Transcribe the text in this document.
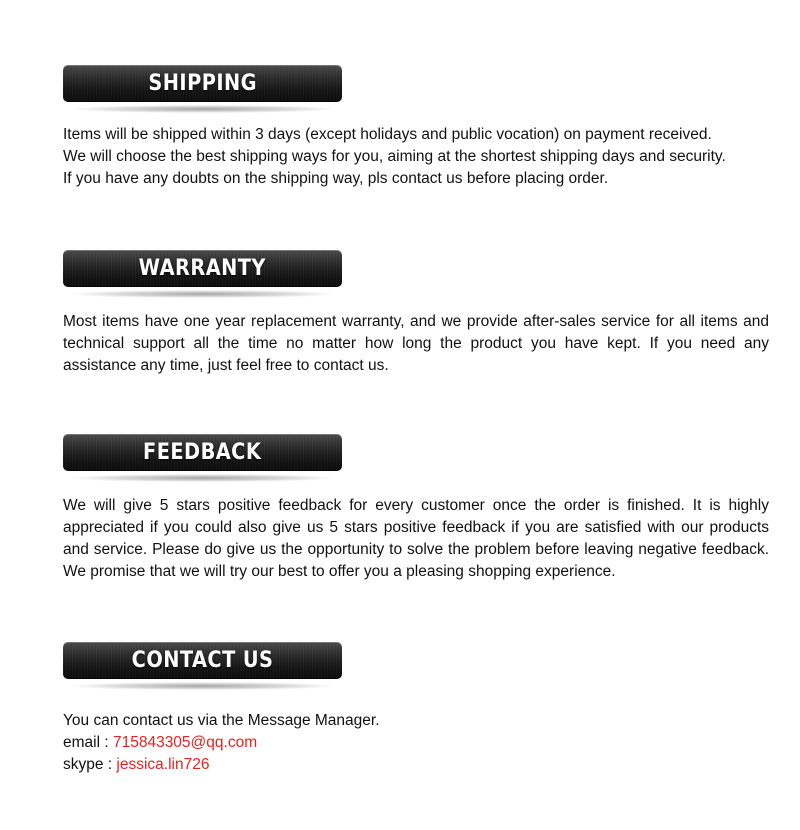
SHIPPING
Items will be shipped within 3 days (except holidays and public vocation) on payment received.
We will choose the best shipping ways for you, aiming at the shortest shipping days and security.
If you have any doubts on the shipping way, pls contact us before placing order.
WARRANTY

Most items have one year replacement warranty, and we provide after-sales service for all items and technical support all the time no matter how long the product you have kept. If you need any assistance any time, just feel free to contact us.

FEEDBACK

We will give 5 stars positive feedback for every customer once the order is finished. It is highly appreciated if you could also give us 5 stars positive feedback if you are satisfied with our products and service. Please do give us the opportunity to solve the problem before leaving negative feedback. We promise that we will try our best to offer you a pleasing shopping experience.

CONTACT US
You can contact us via the Message Manager.
email : 715843305@qq.com
skype : jessica.lin726
